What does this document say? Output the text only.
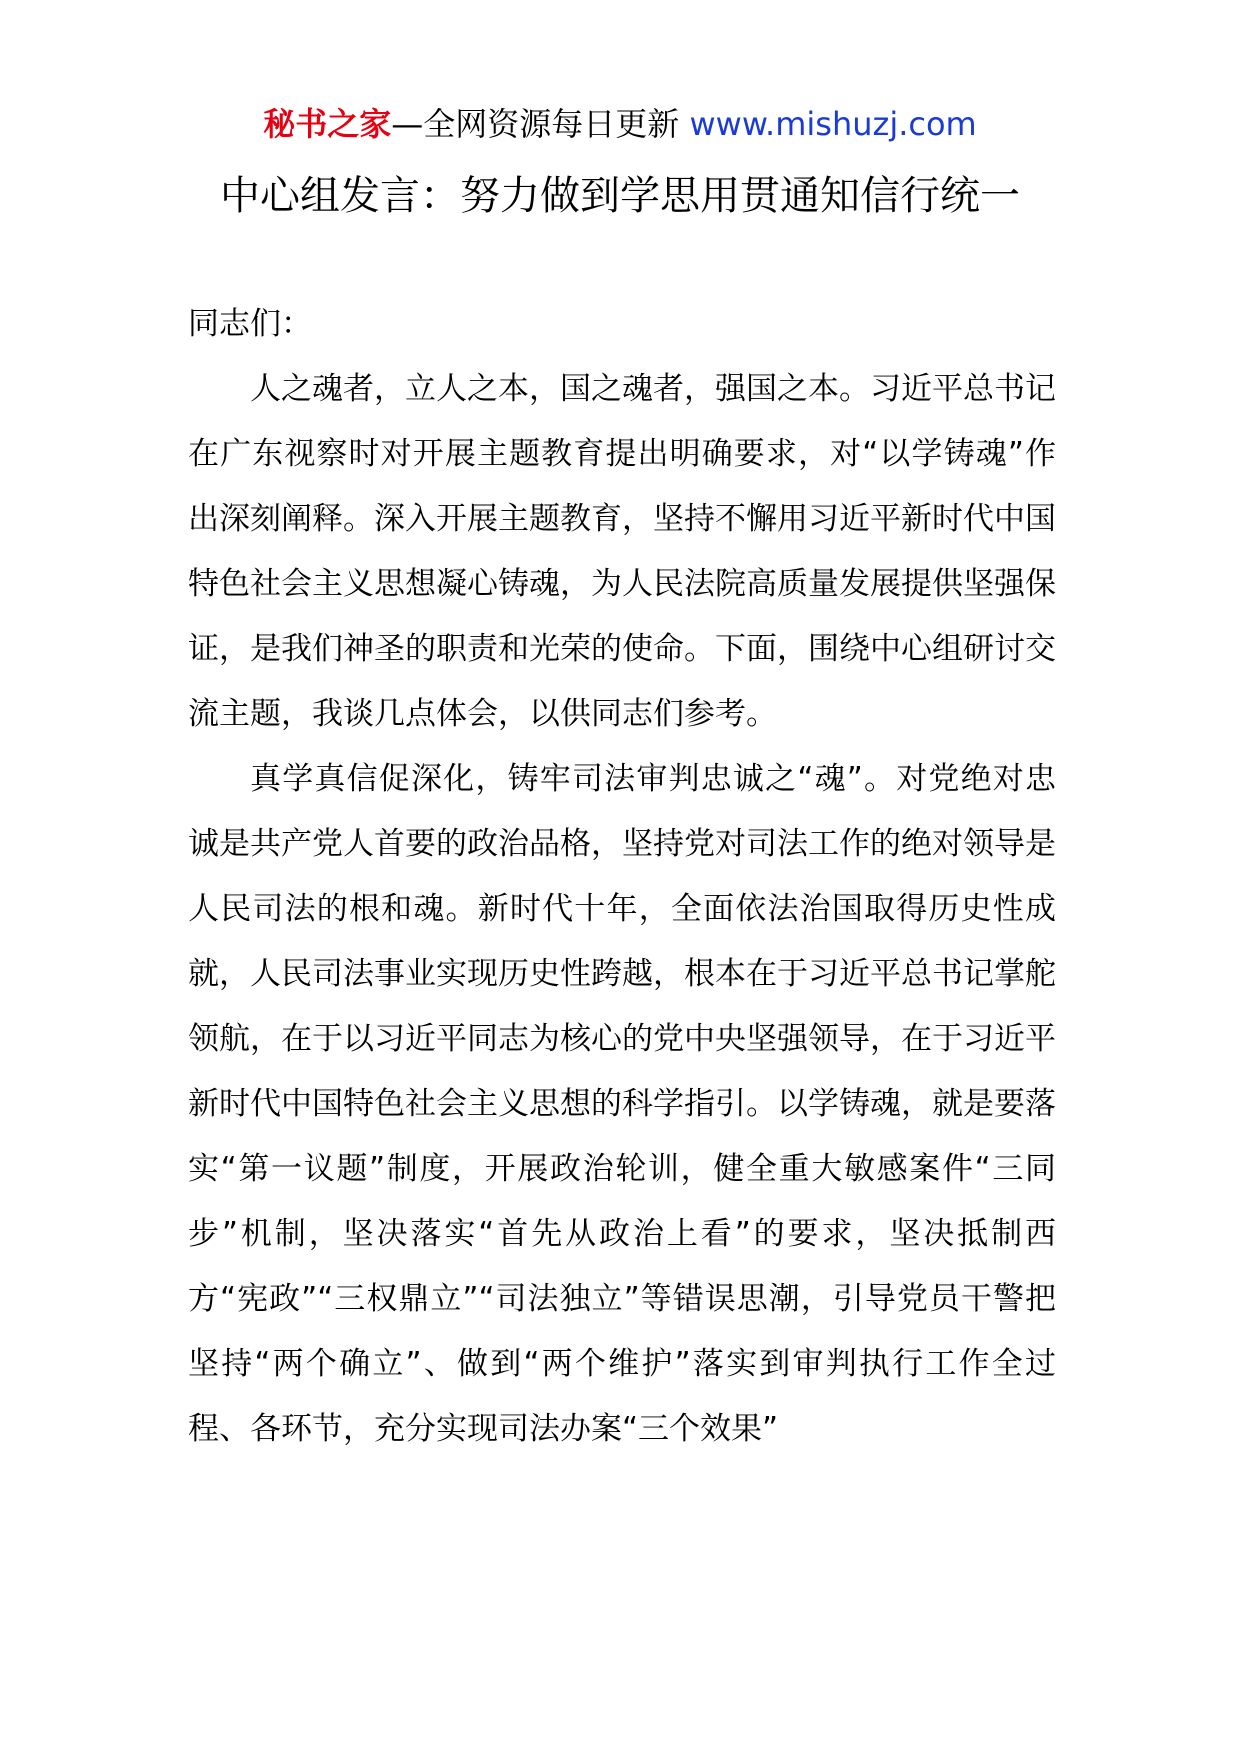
秘书之家—全网资源每日更新 www.mishuzj.com
中心组发言：努力做到学思用贯通知信行统一

同志们：

人之魂者，立人之本，国之魂者，强国之本。习近平总书记在广东视察时对开展主题教育提出明确要求，对“以学铸魂”作出深刻阐释。深入开展主题教育，坚持不懈用习近平新时代中国特色社会主义思想凝心铸魂，为人民法院高质量发展提供坚强保证，是我们神圣的职责和光荣的使命。下面，围绕中心组研讨交流主题，我谈几点体会，以供同志们参考。

真学真信促深化，铸牢司法审判忠诚之“魂”。对党绝对忠诚是共产党人首要的政治品格，坚持党对司法工作的绝对领导是人民司法的根和魂。新时代十年，全面依法治国取得历史性成就，人民司法事业实现历史性跨越，根本在于习近平总书记掌舵领航，在于以习近平同志为核心的党中央坚强领导，在于习近平新时代中国特色社会主义思想的科学指引。以学铸魂，就是要落实“第一议题”制度，开展政治轮训，健全重大敏感案件“三同步”机制，坚决落实“首先从政治上看”的要求，坚决抵制西方“宪政”“三权鼎立”“司法独立”等错误思潮，引导党员干警把坚持“两个确立”、做到“两个维护”落实到审判执行工作全过程、各环节，充分实现司法办案“三个效果”
